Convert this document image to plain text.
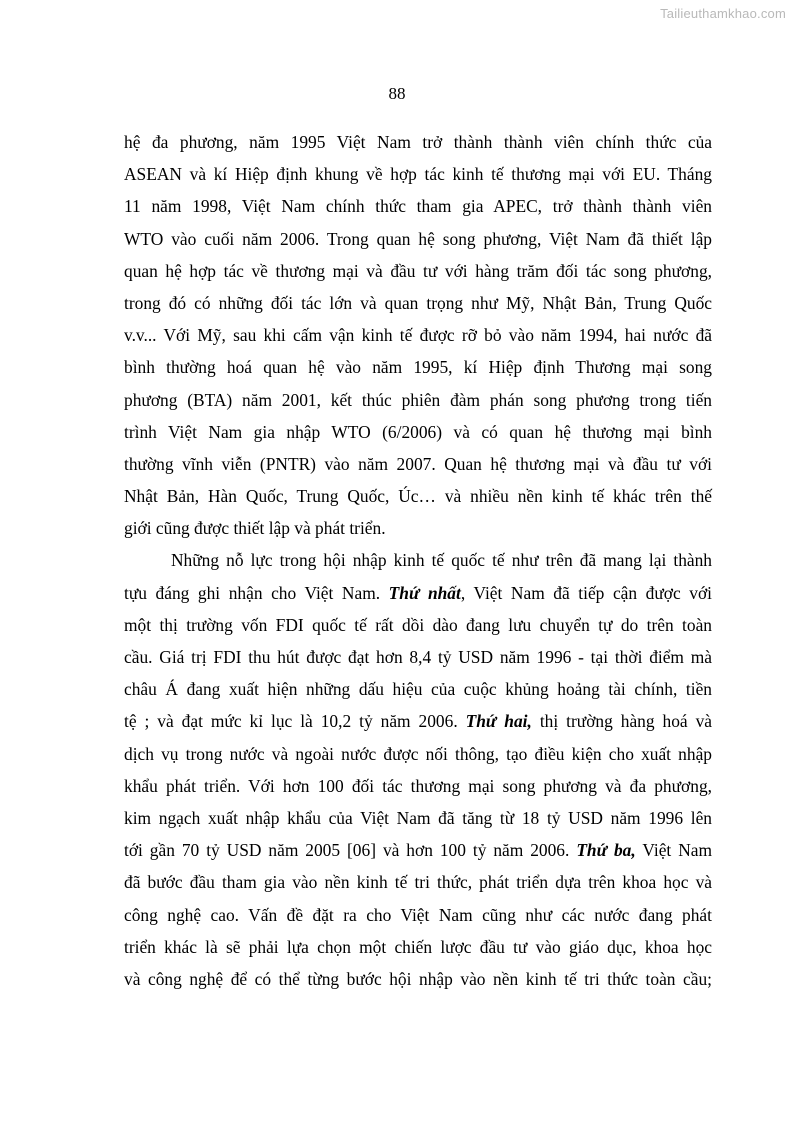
Tailieuthamkhao.com
88
hệ đa phương, năm 1995 Việt Nam trở thành thành viên chính thức của
ASEAN và kí Hiệp định khung về hợp tác kinh tế thương mại với EU. Tháng
11 năm 1998, Việt Nam chính thức tham gia APEC, trở thành thành viên
WTO vào cuối năm 2006. Trong quan hệ song phương, Việt Nam đã thiết lập
quan hệ hợp tác về thương mại và đầu tư với hàng trăm đối tác song phương,
trong đó có những đối tác lớn và quan trọng như Mỹ, Nhật Bản, Trung Quốc
v.v... Với Mỹ, sau khi cấm vận kinh tế được rỡ bỏ vào năm 1994, hai nước đã
bình thường hoá quan hệ vào năm 1995, kí Hiệp định Thương mại song
phương (BTA) năm 2001, kết thúc phiên đàm phán song phương trong tiến
trình Việt Nam gia nhập WTO (6/2006) và có quan hệ thương mại bình
thường vĩnh viễn (PNTR) vào năm 2007. Quan hệ thương mại và đầu tư với
Nhật Bản, Hàn Quốc, Trung Quốc, Úc… và nhiều nền kinh tế khác trên thế
giới cũng được thiết lập và phát triển.
Những nỗ lực trong hội nhập kinh tế quốc tế như trên đã mang lại thành
tựu đáng ghi nhận cho Việt Nam. Thứ nhất, Việt Nam đã tiếp cận được với
một thị trường vốn FDI quốc tế rất dồi dào đang lưu chuyển tự do trên toàn
cầu. Giá trị FDI thu hút được đạt hơn 8,4 tỷ USD năm 1996 - tại thời điểm mà
châu Á đang xuất hiện những dấu hiệu của cuộc khủng hoảng tài chính, tiền
tệ ; và đạt mức kỉ lục là 10,2 tỷ năm 2006. Thứ hai, thị trường hàng hoá và
dịch vụ trong nước và ngoài nước được nối thông, tạo điều kiện cho xuất nhập
khẩu phát triển. Với hơn 100 đối tác thương mại song phương và đa phương,
kim ngạch xuất nhập khẩu của Việt Nam đã tăng từ 18 tỷ USD năm 1996 lên
tới gần 70 tỷ USD năm 2005 [06] và hơn 100 tỷ năm 2006. Thứ ba, Việt Nam
đã bước đầu tham gia vào nền kinh tế tri thức, phát triển dựa trên khoa học và
công nghệ cao. Vấn đề đặt ra cho Việt Nam cũng như các nước đang phát
triển khác là sẽ phải lựa chọn một chiến lược đầu tư vào giáo dục, khoa học
và công nghệ để có thể từng bước hội nhập vào nền kinh tế tri thức toàn cầu;
